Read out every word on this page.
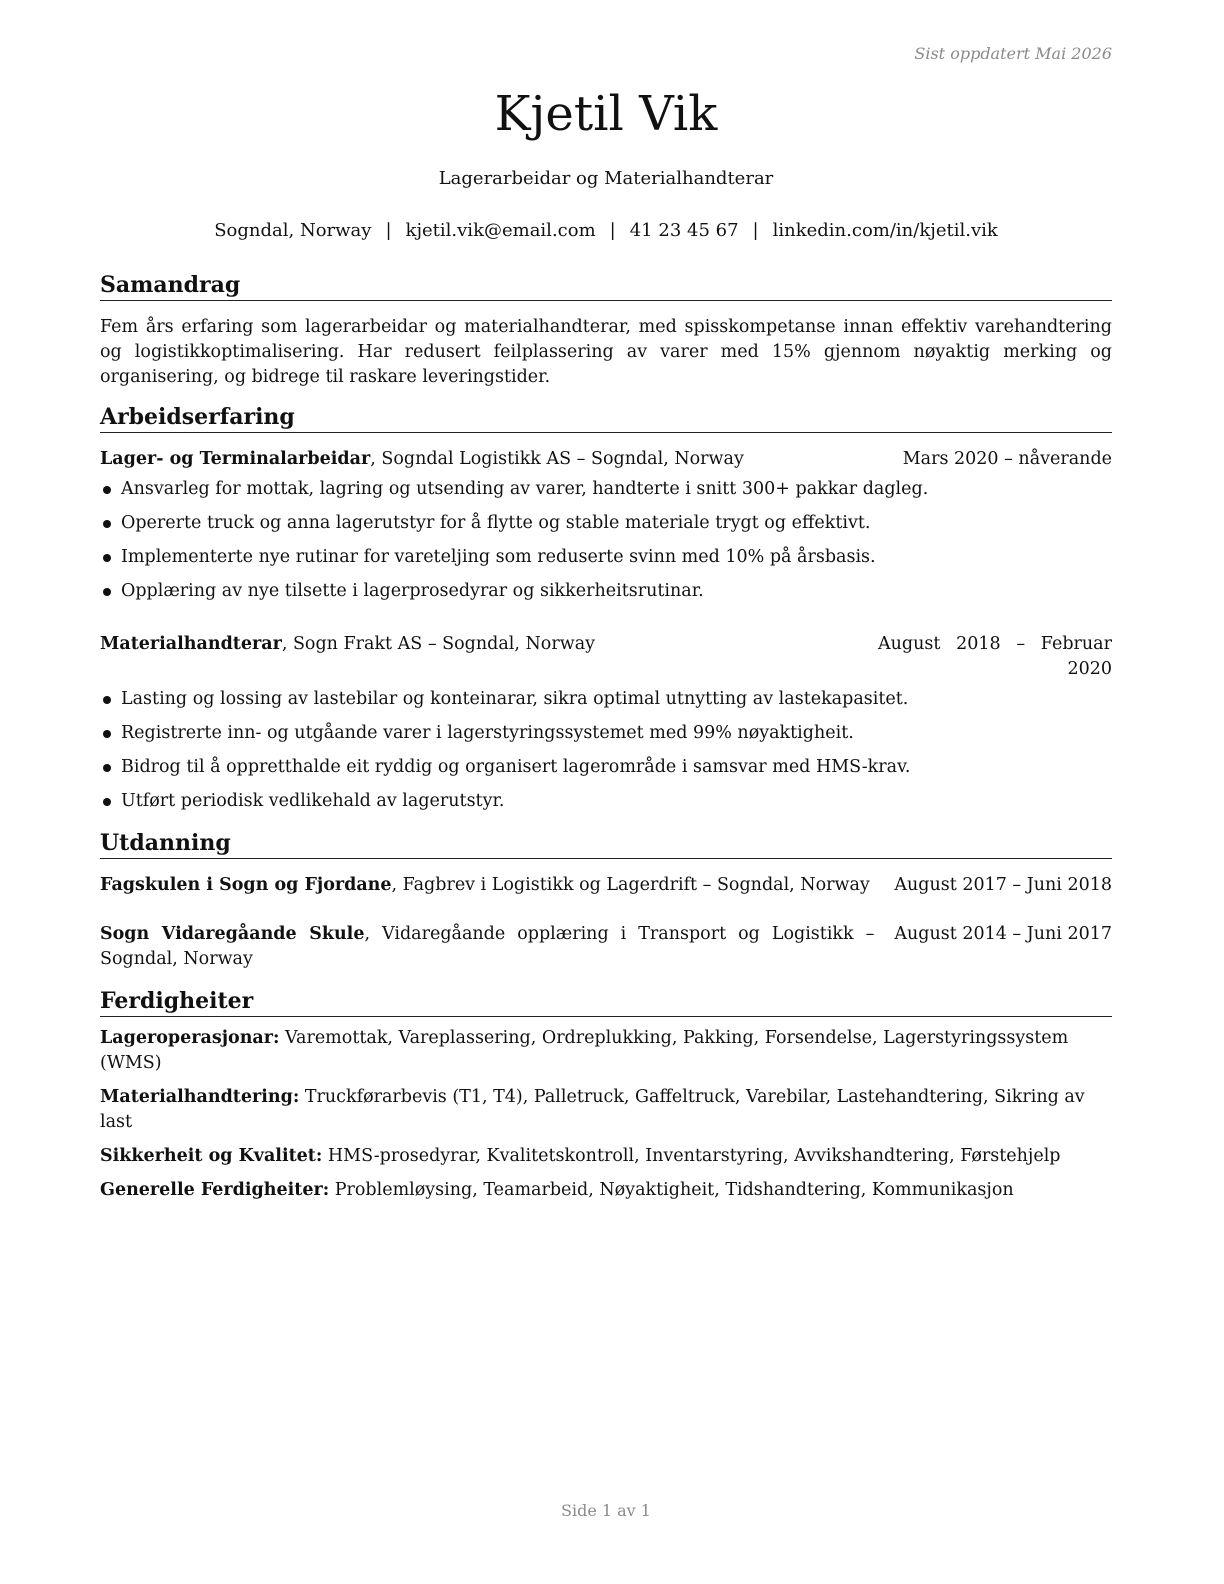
Sist oppdatert Mai 2026
Kjetil Vik
Lagerarbeidar og Materialhandterar
Sogndal, Norway | kjetil.vik@email.com | 41 23 45 67 | linkedin.com/in/kjetil.vik
Samandrag

Fem års erfaring som lagerarbeidar og materialhandterar, med spisskompetanse innan effektiv varehandtering og logistikkoptimalisering. Har redusert feilplassering av varer med 15% gjennom nøyaktig merking og organisering, og bidrege til raskare leveringstider.

Arbeidserfaring
Lager- og Terminalarbeidar, Sogndal Logistikk AS – Sogndal, Norway	Mars 2020 – nåverande
Ansvarleg for mottak, lagring og utsending av varer, handterte i snitt 300+ pakkar dagleg.
Opererte truck og anna lagerutstyr for å flytte og stable materiale trygt og effektivt.
Implementerte nye rutinar for vareteljing som reduserte svinn med 10% på årsbasis.
Opplæring av nye tilsette i lagerprosedyrar og sikkerheitsrutinar.
Materialhandterar, Sogn Frakt AS – Sogndal, Norway	August 2018 – Februar 2020
Lasting og lossing av lastebilar og konteinarar, sikra optimal utnytting av lastekapasitet.
Registrerte inn- og utgåande varer i lagerstyringssystemet med 99% nøyaktigheit.
Bidrog til å oppretthalde eit ryddig og organisert lagerområde i samsvar med HMS-krav.
Utført periodisk vedlikehald av lagerutstyr.
Utdanning
Fagskulen i Sogn og Fjordane, Fagbrev i Logistikk og Lagerdrift – Sogndal, Norway	August 2017 – Juni 2018
Sogn Vidaregåande Skule, Vidaregåande opplæring i Transport og Logistikk – Sogndal, Norway
August 2014 – Juni 2017
Ferdigheiter
Lageroperasjonar: Varemottak, Vareplassering, Ordreplukking, Pakking, Forsendelse, Lagerstyringssystem (WMS)
Materialhandtering: Truckførarbevis (T1, T4), Palletruck, Gaffeltruck, Varebilar, Lastehandtering, Sikring av last
Sikkerheit og Kvalitet: HMS-prosedyrar, Kvalitetskontroll, Inventarstyring, Avvikshandtering, Førstehjelp
Generelle Ferdigheiter: Problemløysing, Teamarbeid, Nøyaktigheit, Tidshandtering, Kommunikasjon
Side 1 av 1
